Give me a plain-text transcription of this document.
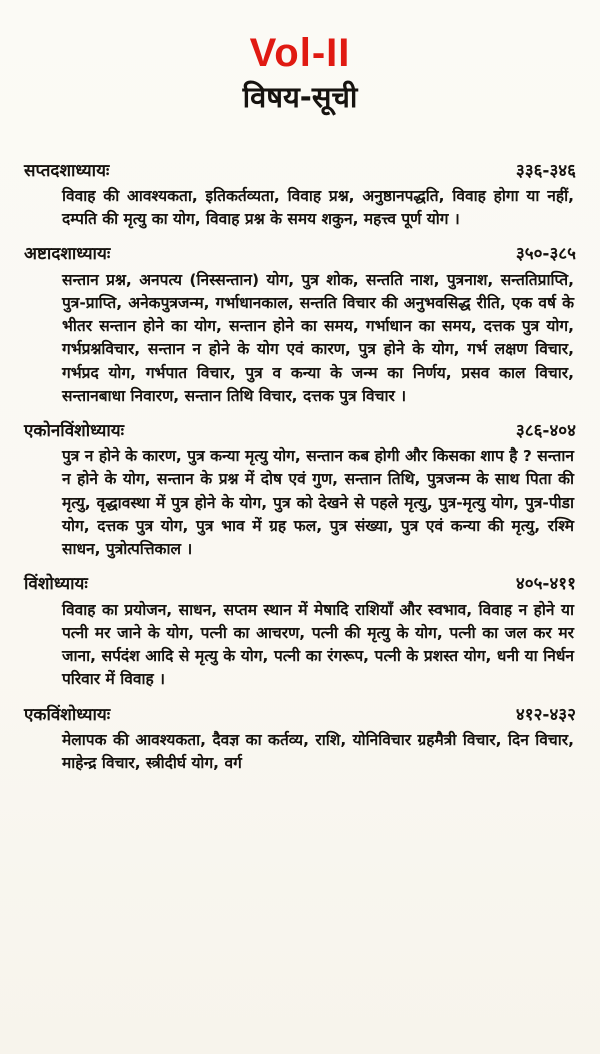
Vol-II
विषय-सूची
सप्तदशाध्यायः	३३६-३४६
विवाह की आवश्यकता, इतिकर्तव्यता, विवाह प्रश्न, अनुष्ठानपद्धति, विवाह होगा या नहीं, दम्पति की मृत्यु का योग, विवाह प्रश्न के समय शकुन, महत्त्व पूर्ण योग ।
अष्टादशाध्यायः	३५०-३८५
सन्तान प्रश्न, अनपत्य (निस्सन्तान) योग, पुत्र शोक, सन्तति नाश, पुत्रनाश, सन्ततिप्राप्ति, पुत्र-प्राप्ति, अनेकपुत्रजन्म, गर्भाधानकाल, सन्तति विचार की अनुभवसिद्ध रीति, एक वर्ष के भीतर सन्तान होने का योग, सन्तान होने का समय, गर्भाधान का समय, दत्तक पुत्र योग, गर्भप्रश्नविचार, सन्तान न होने के योग एवं कारण, पुत्र होने के योग, गर्भ लक्षण विचार, गर्भप्रद योग, गर्भपात विचार, पुत्र व कन्या के जन्म का निर्णय, प्रसव काल विचार, सन्तानबाधा निवारण, सन्तान तिथि विचार, दत्तक पुत्र विचार ।
एकोनविंशोध्यायः	३८६-४०४
पुत्र न होने के कारण, पुत्र कन्या मृत्यु योग, सन्तान कब होगी और किसका शाप है ? सन्तान न होने के योग, सन्तान के प्रश्न में दोष एवं गुण, सन्तान तिथि, पुत्रजन्म के साथ पिता की मृत्यु, वृद्धावस्था में पुत्र होने के योग, पुत्र को देखने से पहले मृत्यु, पुत्र-मृत्यु योग, पुत्र-पीडा योग, दत्तक पुत्र योग, पुत्र भाव में ग्रह फल, पुत्र संख्या, पुत्र एवं कन्या की मृत्यु, रश्मि साधन, पुत्रोत्पत्तिकाल ।
विंशोध्यायः	४०५-४११
विवाह का प्रयोजन, साधन, सप्तम स्थान में मेषादि राशियाँ और स्वभाव, विवाह न होने या पत्नी मर जाने के योग, पत्नी का आचरण, पत्नी की मृत्यु के योग, पत्नी का जल कर मर जाना, सर्पदंश आदि से मृत्यु के योग, पत्नी का रंगरूप, पत्नी के प्रशस्त योग, धनी या निर्धन परिवार में विवाह ।
एकविंशोध्यायः	४१२-४३२
मेलापक की आवश्यकता, दैवज्ञ का कर्तव्य, राशि, योनिविचार ग्रहमैत्री विचार, दिन विचार, माहेन्द्र विचार, स्त्रीदीर्घ योग, वर्ग
